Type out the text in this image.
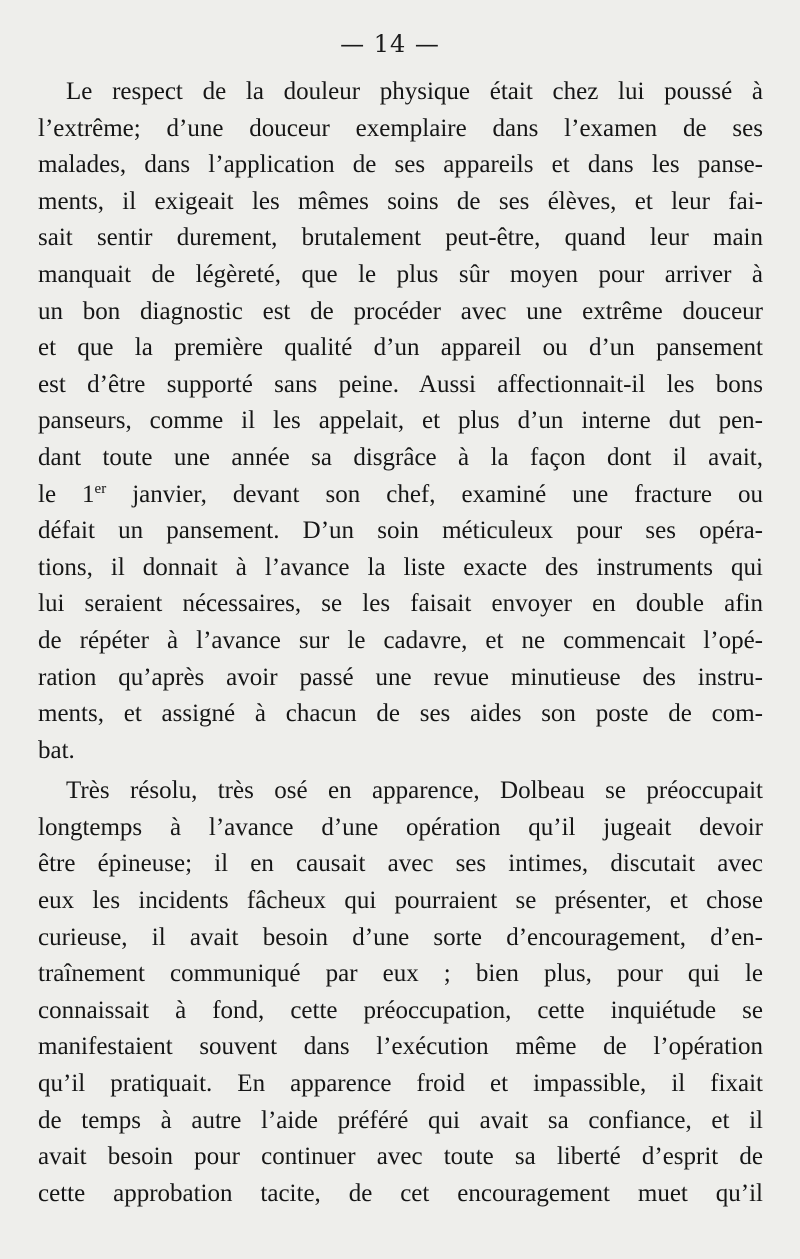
— 14 —
Le respect de la douleur physique était chez lui poussé à
l’extrême; d’une douceur exemplaire dans l’examen de ses
malades, dans l’application de ses appareils et dans les panse-
ments, il exigeait les mêmes soins de ses élèves, et leur fai-
sait sentir durement, brutalement peut-être, quand leur main
manquait de légèreté, que le plus sûr moyen pour arriver à
un bon diagnostic est de procéder avec une extrême douceur
et que la première qualité d’un appareil ou d’un pansement
est d’être supporté sans peine. Aussi affectionnait-il les bons
panseurs, comme il les appelait, et plus d’un interne dut pen-
dant toute une année sa disgrâce à la façon dont il avait,
le 1er janvier, devant son chef, examiné une fracture ou
défait un pansement. D’un soin méticuleux pour ses opéra-
tions, il donnait à l’avance la liste exacte des instruments qui
lui seraient nécessaires, se les faisait envoyer en double afin
de répéter à l’avance sur le cadavre, et ne commencait l’opé-
ration qu’après avoir passé une revue minutieuse des instru-
ments, et assigné à chacun de ses aides son poste de com-
bat.
Très résolu, très osé en apparence, Dolbeau se préoccupait
longtemps à l’avance d’une opération qu’il jugeait devoir
être épineuse; il en causait avec ses intimes, discutait avec
eux les incidents fâcheux qui pourraient se présenter, et chose
curieuse, il avait besoin d’une sorte d’encouragement, d’en-
traînement communiqué par eux ; bien plus, pour qui le
connaissait à fond, cette préoccupation, cette inquiétude se
manifestaient souvent dans l’exécution même de l’opération
qu’il pratiquait. En apparence froid et impassible, il fixait
de temps à autre l’aide préféré qui avait sa confiance, et il
avait besoin pour continuer avec toute sa liberté d’esprit de
cette approbation tacite, de cet encouragement muet qu’il
